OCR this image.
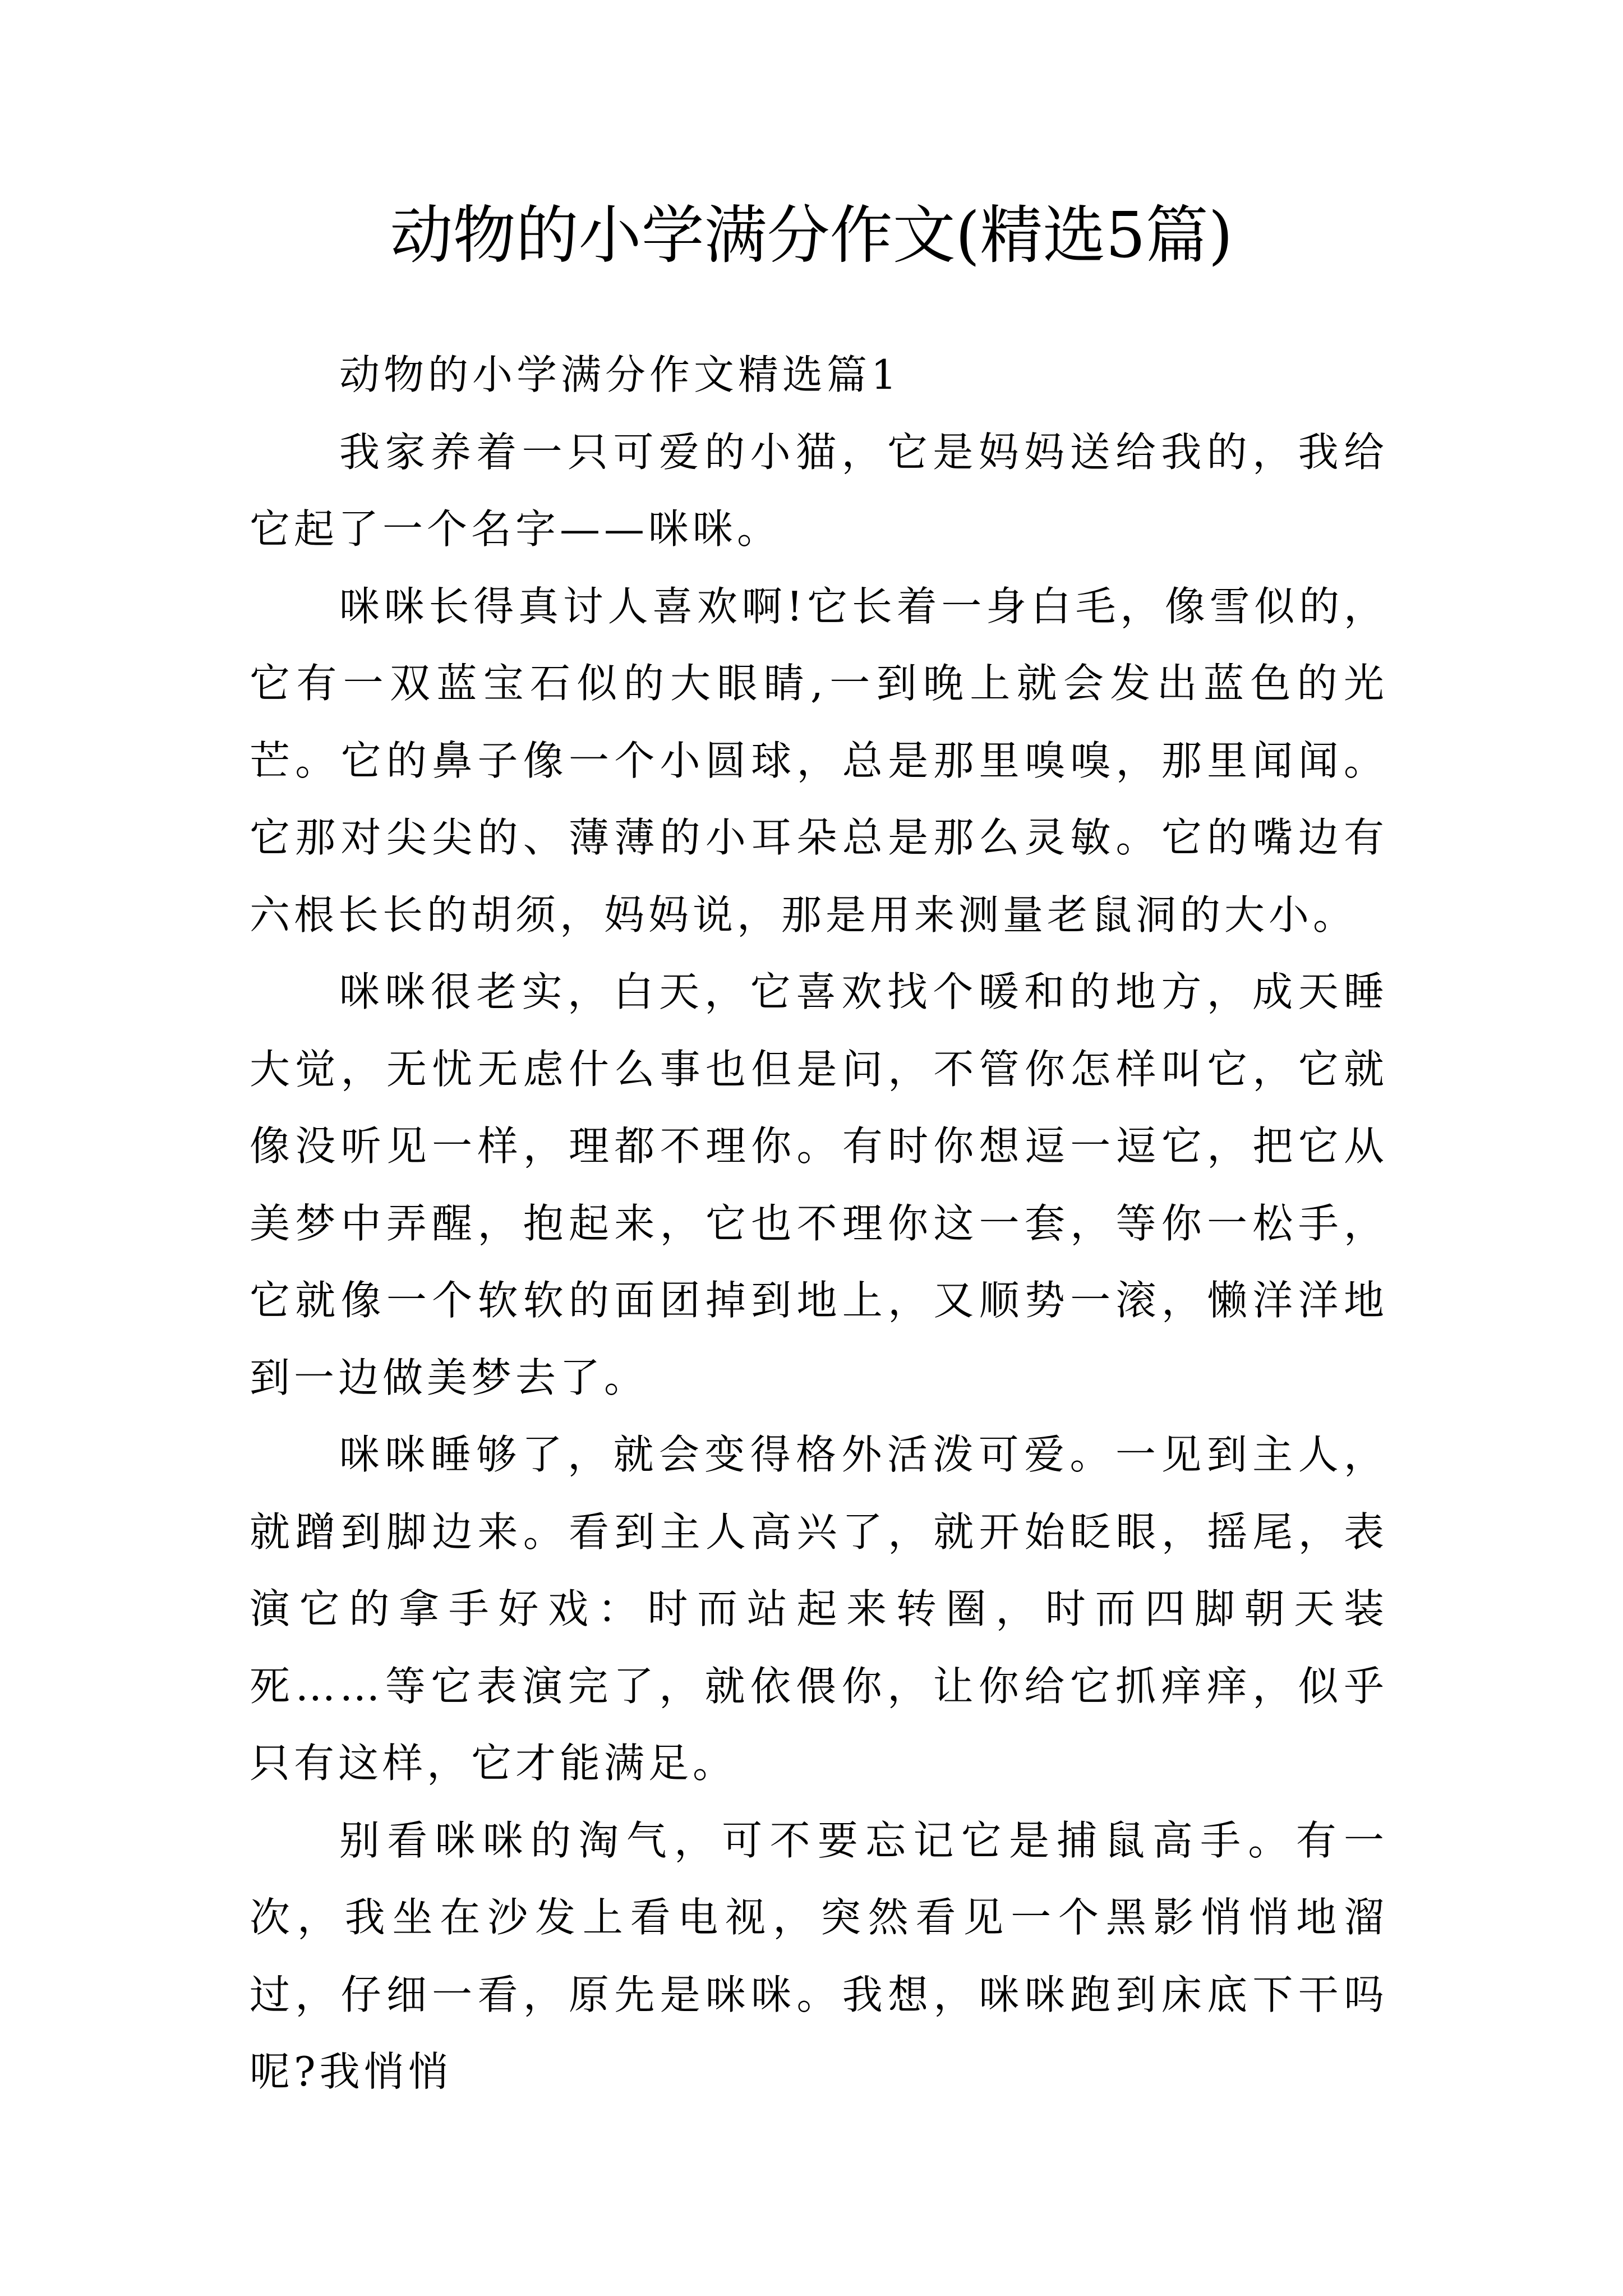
动物的小学满分作文(精选5篇)

动物的小学满分作文精选篇1

我家养着一只可爱的小猫，它是妈妈送给我的，我给它起了一个名字——咪咪。

咪咪长得真讨人喜欢啊!它长着一身白毛，像雪似的，它有一双蓝宝石似的大眼睛,一到晚上就会发出蓝色的光芒。它的鼻子像一个小圆球，总是那里嗅嗅，那里闻闻。它那对尖尖的、薄薄的小耳朵总是那么灵敏。它的嘴边有六根长长的胡须，妈妈说，那是用来测量老鼠洞的大小。

咪咪很老实，白天，它喜欢找个暖和的地方，成天睡大觉，无忧无虑什么事也但是问，不管你怎样叫它，它就像没听见一样，理都不理你。有时你想逗一逗它，把它从美梦中弄醒，抱起来，它也不理你这一套，等你一松手，它就像一个软软的面团掉到地上，又顺势一滚，懒洋洋地到一边做美梦去了。

咪咪睡够了，就会变得格外活泼可爱。一见到主人，就蹭到脚边来。看到主人高兴了，就开始眨眼，摇尾，表演它的拿手好戏：时而站起来转圈，时而四脚朝天装死……等它表演完了，就依偎你，让你给它抓痒痒，似乎只有这样，它才能满足。

别看咪咪的淘气，可不要忘记它是捕鼠高手。有一次，我坐在沙发上看电视，突然看见一个黑影悄悄地溜过，仔细一看，原先是咪咪。我想，咪咪跑到床底下干吗呢?我悄悄
